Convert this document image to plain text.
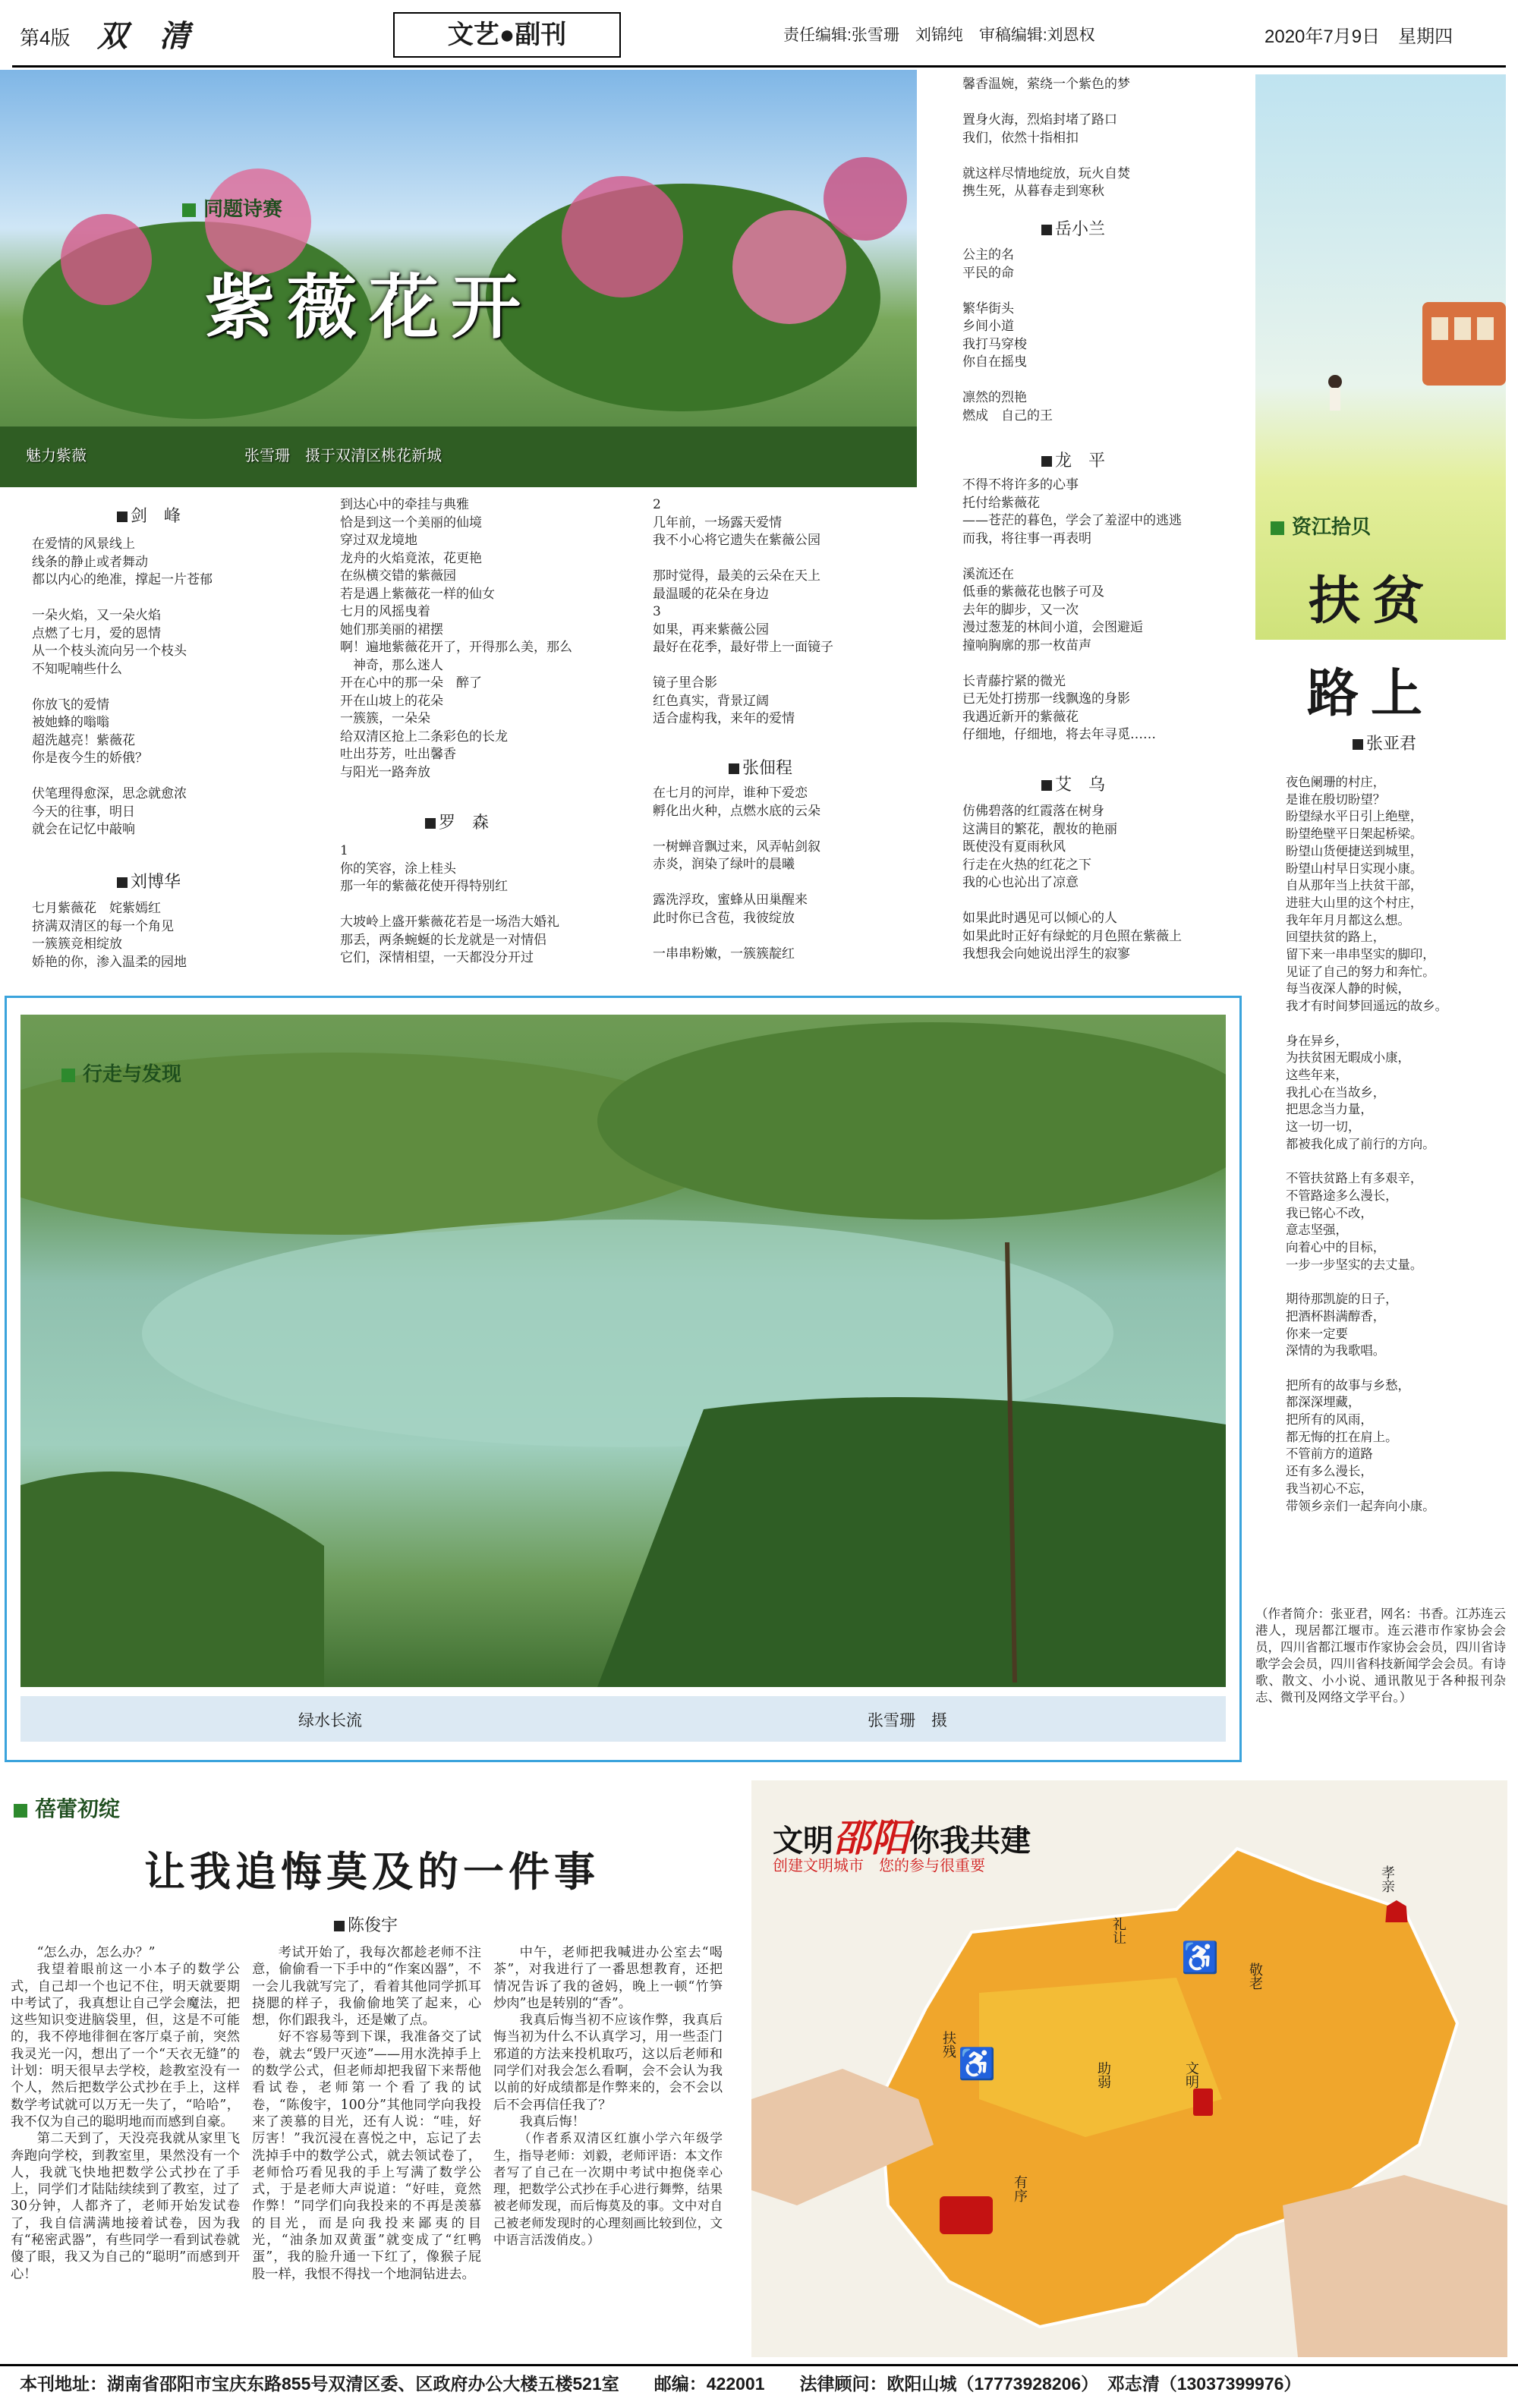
第4版 双 清	文艺●副刊	责任编辑:张雪珊　刘锦纯　审稿编辑:刘恩权	2020年7月9日　星期四
同题诗赛
紫薇花开
魅力紫薇	张雪珊　摄于双清区桃花新城
剑　峰
在爱情的风景线上
线条的静止或者舞动
都以内心的绝准，撑起一片苍郁

一朵火焰，又一朵火焰
点燃了七月，爱的恩情
从一个枝头流向另一个枝头
不知呢喃些什么

你放飞的爱情
被她蜂的嗡嗡
超洗越亮！紫薇花
你是夜今生的娇俄？

伏笔理得愈深，思念就愈浓
今天的往事，明日
就会在记忆中敲响
刘博华
七月紫薇花　姹紫嫣红
挤满双清区的每一个角见
一簇簇竞相绽放
娇艳的你，渗入温柔的园地
到达心中的牵挂与典雅
恰是到这一个美丽的仙境
穿过双龙境地
龙舟的火焰竟浓，花更艳
在纵横交错的紫薇园
若是遇上紫薇花一样的仙女
七月的风摇曳着
她们那美丽的裙摆
啊！遍地紫薇花开了，开得那么美，那么
　神奇，那么迷人
开在心中的那一朵　醉了
开在山坡上的花朵
一簇簇，一朵朵
给双清区抢上二条彩色的长龙
吐出芬芳，吐出馨香
与阳光一路奔放
罗　森
1
你的笑容，涂上桂头
那一年的紫薇花使开得特别红

大坡岭上盛开紫薇花若是一场浩大婚礼
那丢，两条蜿蜒的长龙就是一对情侣
它们，深情相望，一天都没分开过
2
几年前，一场露天爱情
我不小心将它遗失在紫薇公园

那时觉得，最美的云朵在天上
最温暖的花朵在身边
3
如果，再来紫薇公园
最好在花季，最好带上一面镜子

镜子里合影
红色真实，背景辽阔
适合虚构我，来年的爱情
张佃程
在七月的河岸，谁种下爱恋
孵化出火种，点燃水底的云朵

一树蝉音飘过来，风弄帖剑叙
赤炎，润染了绿叶的晨曦

露洗浮玫，蜜蜂从田巢醒来
此时你已含苞，我彼绽放

一串串粉嫩，一簇簇靛红
馨香温婉，萦绕一个紫色的梦

置身火海，烈焰封堵了路口
我们，依然十指相扣

就这样尽情地绽放，玩火自焚
携生死，从暮春走到寒秋
岳小兰
公主的名
平民的命

繁华街头
乡间小道
我打马穿梭
你自在摇曳

凛然的烈艳
燃成　自己的王
龙　平
不得不将许多的心事
托付给紫薇花
——苍茫的暮色，学会了羞涩中的逃逃
而我，将往事一再表明

溪流还在
低垂的紫薇花也骸子可及
去年的脚步，又一次
漫过葱茏的林间小道，会图避逅
撞响胸廓的那一枚苗声

长青藤拧紧的微光
已无处打捞那一线飘逸的身影
我遇近新开的紫薇花
仔细地，仔细地，将去年寻觅……
艾　乌
仿佛碧落的红霞落在树身
这满目的繁花，靓妆的艳丽
既使没有夏雨秋风
行走在火热的红花之下
我的心也沁出了凉意

如果此时遇见可以倾心的人
如果此时正好有绿蛇的月色照在紫薇上
我想我会向她说出浮生的寂寥
行走与发现
绿水长流	张雪珊　摄
资江拾贝
扶贫
路上
张亚君
夜色阑珊的村庄，
是谁在殷切盼望？
盼望绿水平日引上绝壁，
盼望绝壁平日架起桥梁。
盼望山货便捷送到城里，
盼望山村早日实现小康。
自从那年当上扶贫干部，
进驻大山里的这个村庄，
我年年月月都这么想。
回望扶贫的路上，
留下来一串串坚实的脚印，
见证了自己的努力和奔忙。
每当夜深人静的时候，
我才有时间梦回遥远的故乡。

身在异乡，
为扶贫困无暇成小康，
这些年来，
我扎心在当故乡，
把思念当力量，
这一切一切，
都被我化成了前行的方向。

不管扶贫路上有多艰辛，
不管路途多么漫长，
我已铭心不改，
意志坚强，
向着心中的目标，
一步一步坚实的去丈量。

期待那凯旋的日子，
把酒杯斟满醇香，
你来一定要
深情的为我歌唱。

把所有的故事与乡愁，
都深深埋藏，
把所有的风雨，
都无悔的扛在肩上。
不管前方的道路
还有多么漫长，
我当初心不忘，
带领乡亲们一起奔向小康。
（作者简介：张亚君，网名：书香。江苏连云港人，现居都江堰市。连云港市作家协会会员，四川省都江堰市作家协会会员，四川省诗歌学会会员，四川省科技新闻学会会员。有诗歌、散文、小小说、通讯散见于各种报刊杂志、微刊及网络文学平台。）
蓓蕾初绽
让我追悔莫及的一件事
陈俊宇

“怎么办，怎么办？”

我望着眼前这一小本子的数学公式，自己却一个也记不住，明天就要期中考试了，我真想让自己学会魔法，把这些知识变进脑袋里，但，这是不可能的，我不停地徘徊在客厅桌子前，突然我灵光一闪，想出了一个“天衣无缝”的计划：明天很早去学校，趁教室没有一个人，然后把数学公式抄在手上，这样数学考试就可以万无一失了，“哈哈”，我不仅为自己的聪明地而而感到自豪。

第二天到了，天没亮我就从家里飞奔跑向学校，到教室里，果然没有一个人，我就飞快地把数学公式抄在了手上，同学们才陆陆续续到了教室，过了30分钟，人都齐了，老师开始发试卷了，我自信满满地接着试卷，因为我有“秘密武器”，有些同学一看到试卷就傻了眼，我又为自己的“聪明”而感到开心！

考试开始了，我每次都趁老师不注意，偷偷看一下手中的“作案凶器”，不一会儿我就写完了，看着其他同学抓耳挠腮的样子，我偷偷地笑了起来，心想，你们跟我斗，还是嫩了点。

好不容易等到下课，我准备交了试卷，就去“毁尸灭迹”——用水洗掉手上的数学公式，但老师却把我留下来帮他看试卷，老师第一个看了我的试卷，“陈俊宇，100分”其他同学向我投来了羡慕的目光，还有人说：“哇，好厉害！”我沉浸在喜悦之中，忘记了去洗掉手中的数学公式，就去领试卷了，老师恰巧看见我的手上写满了数学公式，于是老师大声说道：“好哇，竟然作弊！”同学们向我投来的不再是羡慕的目光，而是向我投来鄙夷的目光，“油条加双黄蛋”就变成了“红鸭蛋”，我的脸升通一下红了，像猴子屁股一样，我恨不得找一个地洞钻进去。

中午，老师把我喊进办公室去“喝茶”，对我进行了一番思想教育，还把情况告诉了我的爸妈，晚上一顿“竹笋炒肉”也是转别的“香”。

我真后悔当初不应该作弊，我真后悔当初为什么不认真学习，用一些歪门邪道的方法来投机取巧，这以后老师和同学们对我会怎么看啊，会不会认为我以前的好成绩都是作弊来的，会不会以后不会再信任我了？

我真后悔！

（作者系双清区红旗小学六年级学生，指导老师：刘毅，老师评语：本文作者写了自己在一次期中考试中抱侥幸心理，把数学公式抄在手心进行舞弊，结果被老师发现，而后悔莫及的事。文中对自己被老师发现时的心理刻画比较到位，文中语言活泼俏皮。）

文明邵阳你我共建
创建文明城市　您的参与很重要
礼让
敬老
孝亲
扶残
助弱	文明
有序
☗
♿
♿
本刊地址：湖南省邵阳市宝庆东路855号双清区委、区政府办公大楼五楼521室　　邮编：422001　　法律顾问：欧阳山城（17773928206）　邓志清（13037399976）
